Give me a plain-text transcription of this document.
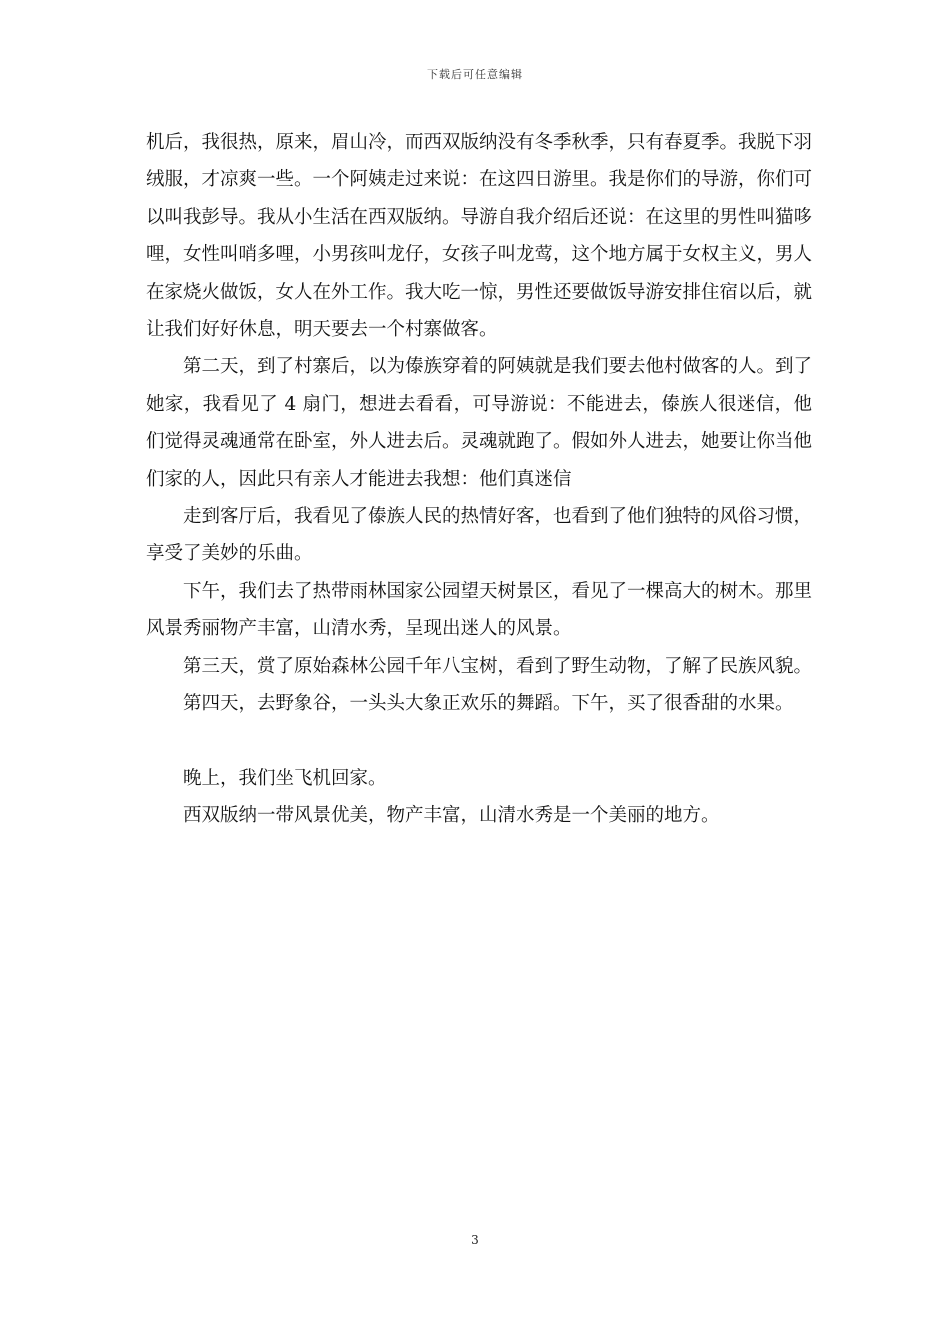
下载后可任意编辑

机后，我很热，原来，眉山冷，而西双版纳没有冬季秋季，只有春夏季。我脱下羽绒服，才凉爽一些。一个阿姨走过来说：在这四日游里。我是你们的导游，你们可以叫我彭导。我从小生活在西双版纳。导游自我介绍后还说：在这里的男性叫猫哆哩，女性叫哨多哩，小男孩叫龙仔，女孩子叫龙莺，这个地方属于女权主义，男人在家烧火做饭，女人在外工作。我大吃一惊，男性还要做饭导游安排住宿以后，就让我们好好休息，明天要去一个村寨做客。

第二天，到了村寨后，以为傣族穿着的阿姨就是我们要去他村做客的人。到了她家，我看见了 4 扇门，想进去看看，可导游说：不能进去，傣族人很迷信，他们觉得灵魂通常在卧室，外人进去后。灵魂就跑了。假如外人进去，她要让你当他们家的人，因此只有亲人才能进去我想：他们真迷信

走到客厅后，我看见了傣族人民的热情好客，也看到了他们独特的风俗习惯，享受了美妙的乐曲。

下午，我们去了热带雨林国家公园望天树景区，看见了一棵高大的树木。那里风景秀丽物产丰富，山清水秀，呈现出迷人的风景。

第三天，赏了原始森林公园千年八宝树，看到了野生动物，了解了民族风貌。

第四天，去野象谷，一头头大象正欢乐的舞蹈。下午，买了很香甜的水果。

晚上，我们坐飞机回家。

西双版纳一带风景优美，物产丰富，山清水秀是一个美丽的地方。

3
